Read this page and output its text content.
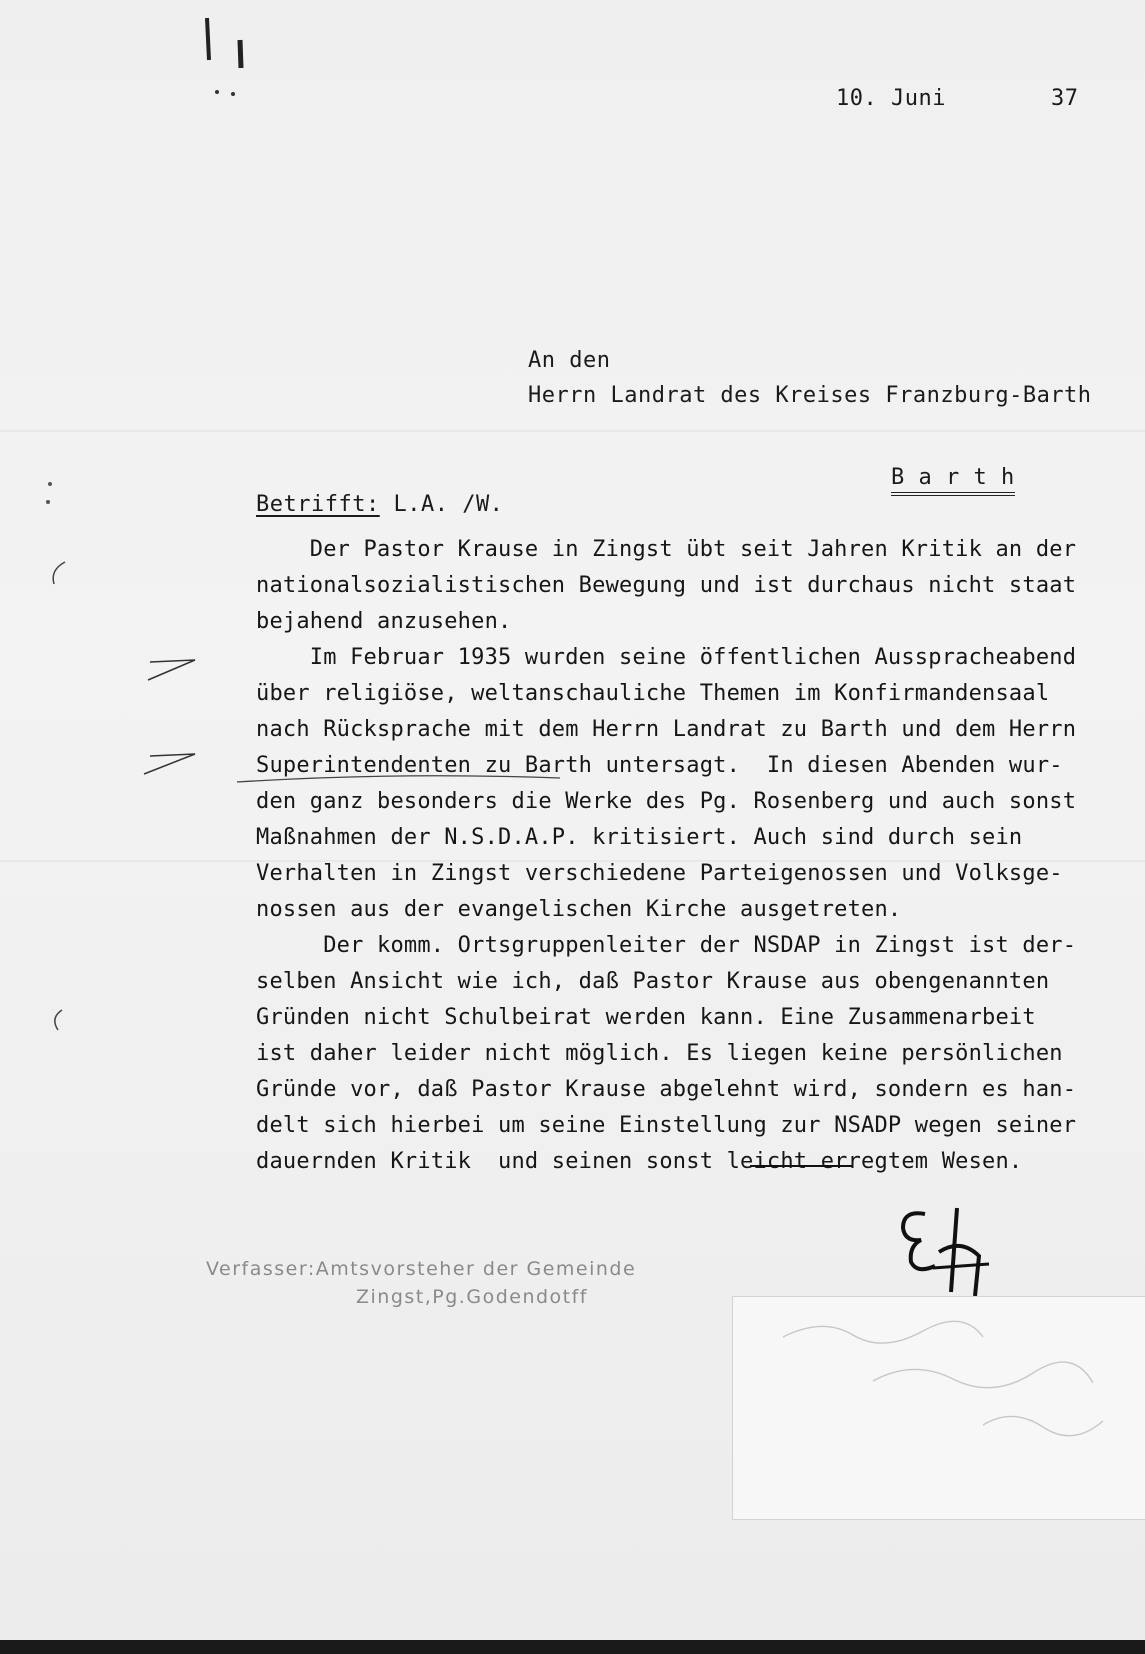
10. Juni	37
An den
Herrn Landrat des Kreises Franzburg-Barth

B a r t h

Betrifft: L.A. /W.
Der Pastor Krause in Zingst übt seit Jahren Kritik an der
nationalsozialistischen Bewegung und ist durchaus nicht staat
bejahend anzusehen.
Im Februar 1935 wurden seine öffentlichen Ausspracheabend
über religiöse, weltanschauliche Themen im Konfirmandensaal
nach Rücksprache mit dem Herrn Landrat zu Barth und dem Herrn
Superintendenten zu Barth untersagt.  In diesen Abenden wur-
den ganz besonders die Werke des Pg. Rosenberg und auch sonst
Maßnahmen der N.S.D.A.P. kritisiert. Auch sind durch sein
Verhalten in Zingst verschiedene Parteigenossen und Volksge-
nossen aus der evangelischen Kirche ausgetreten.
Der komm. Ortsgruppenleiter der NSDAP in Zingst ist der-
selben Ansicht wie ich, daß Pastor Krause aus obengenannten
Gründen nicht Schulbeirat werden kann. Eine Zusammenarbeit
ist daher leider nicht möglich. Es liegen keine persönlichen
Gründe vor, daß Pastor Krause abgelehnt wird, sondern es han-
delt sich hierbei um seine Einstellung zur NSADP wegen seiner
dauernden Kritik  und seinen sonst leicht erregtem Wesen.
Verfasser:Amtsvorsteher der Gemeinde
Zingst,Pg.Godendotff
